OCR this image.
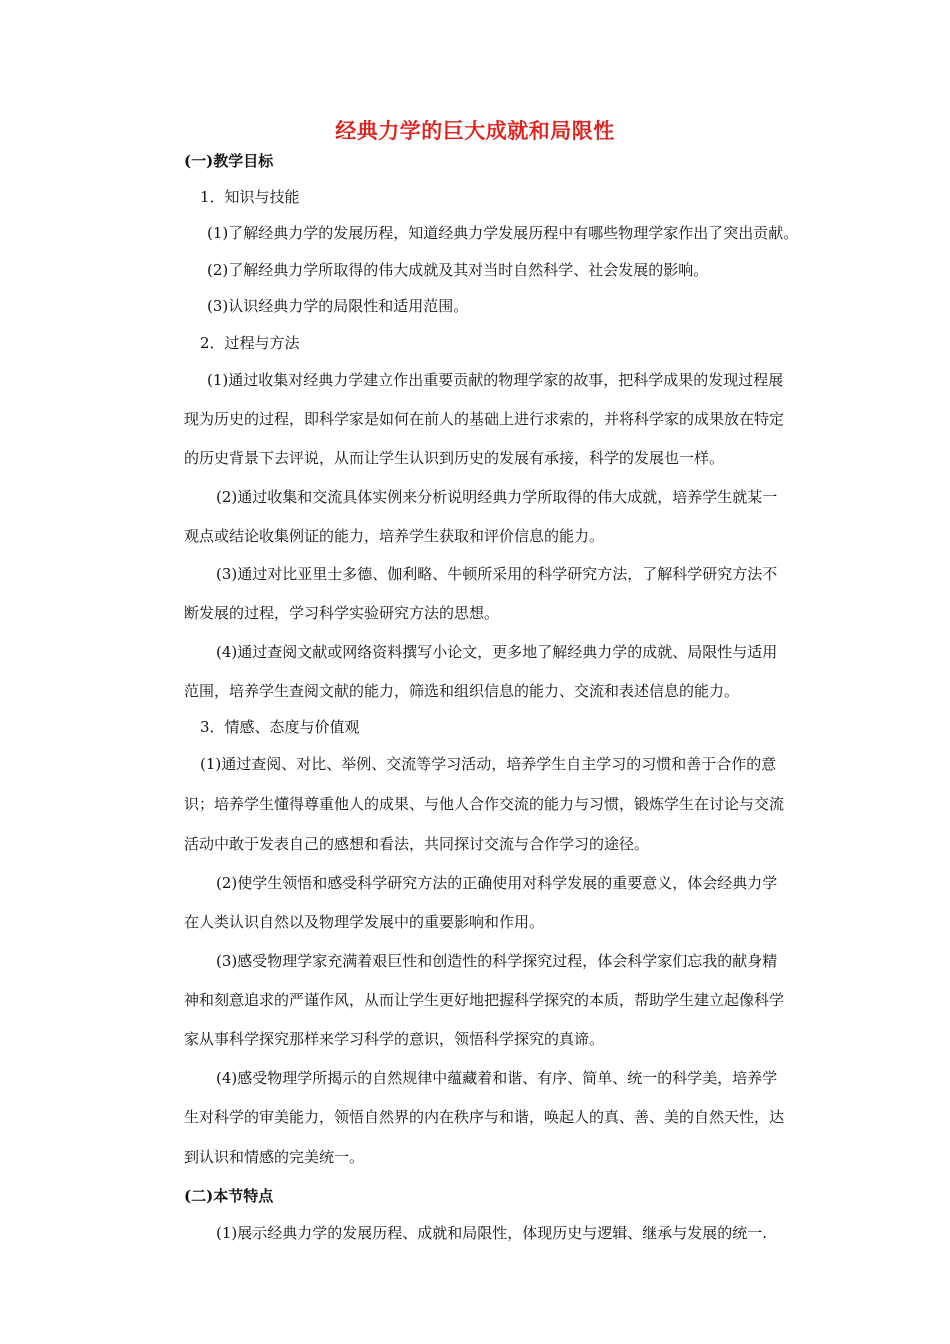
经典力学的巨大成就和局限性
(一)教学目标
1．知识与技能
(1)了解经典力学的发展历程，知道经典力学发展历程中有哪些物理学家作出了突出贡献。
(2)了解经典力学所取得的伟大成就及其对当时自然科学、社会发展的影响。
(3)认识经典力学的局限性和适用范围。
2．过程与方法
(1)通过收集对经典力学建立作出重要贡献的物理学家的故事，把科学成果的发现过程展
现为历史的过程，即科学家是如何在前人的基础上进行求索的，并将科学家的成果放在特定
的历史背景下去评说，从而让学生认识到历史的发展有承接，科学的发展也一样。
(2)通过收集和交流具体实例来分析说明经典力学所取得的伟大成就，培养学生就某一
观点或结论收集例证的能力，培养学生获取和评价信息的能力。
(3)通过对比亚里士多德、伽利略、牛顿所采用的科学研究方法，了解科学研究方法不
断发展的过程，学习科学实验研究方法的思想。
(4)通过查阅文献或网络资料撰写小论文，更多地了解经典力学的成就、局限性与适用
范围，培养学生查阅文献的能力，筛选和组织信息的能力、交流和表述信息的能力。
3．情感、态度与价值观
(1)通过查阅、对比、举例、交流等学习活动，培养学生自主学习的习惯和善于合作的意
识；培养学生懂得尊重他人的成果、与他人合作交流的能力与习惯，锻炼学生在讨论与交流
活动中敢于发表自己的感想和看法，共同探讨交流与合作学习的途径。
(2)使学生领悟和感受科学研究方法的正确使用对科学发展的重要意义，体会经典力学
在人类认识自然以及物理学发展中的重要影响和作用。
(3)感受物理学家充满着艰巨性和创造性的科学探究过程，体会科学家们忘我的献身精
神和刻意追求的严谨作风，从而让学生更好地把握科学探究的本质，帮助学生建立起像科学
家从事科学探究那样来学习科学的意识，领悟科学探究的真谛。
(4)感受物理学所揭示的自然规律中蕴藏着和谐、有序、简单、统一的科学美，培养学
生对科学的审美能力，领悟自然界的内在秩序与和谐，唤起人的真、善、美的自然天性，达
到认识和情感的完美统一。
(二)本节特点
(1)展示经典力学的发展历程、成就和局限性，体现历史与逻辑、继承与发展的统一.
